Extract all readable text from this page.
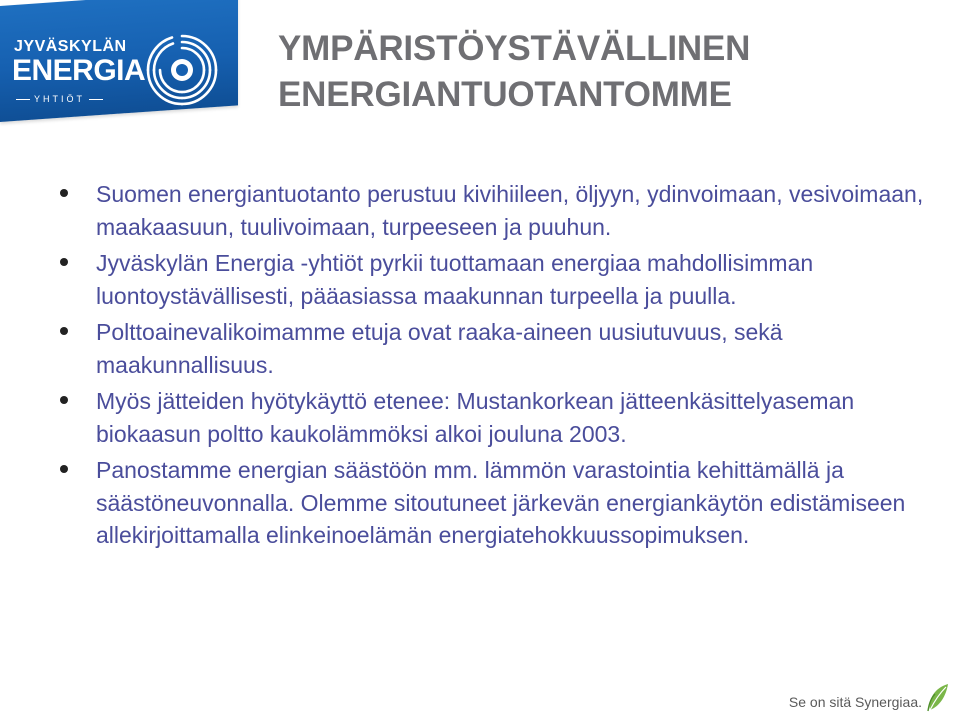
JYVÄSKYLÄN
ENERGIA
YHTIÖT
YMPÄRISTÖYSTÄVÄLLINEN
ENERGIANTUOTANTOMME
Suomen energiantuotanto perustuu kivihiileen, öljyyn, ydinvoimaan, vesivoimaan, maakaasuun, tuulivoimaan, turpeeseen ja puuhun.
Jyväskylän Energia -yhtiöt pyrkii tuottamaan energiaa mahdollisimman luontoystävällisesti, pääasiassa maakunnan turpeella ja puulla.
Polttoainevalikoimamme etuja ovat raaka-aineen uusiutuvuus, sekä maakunnallisuus.
Myös jätteiden hyötykäyttö etenee: Mustankorkean jätteenkäsittelyaseman biokaasun poltto kaukolämmöksi alkoi jouluna 2003.
Panostamme energian säästöön mm. lämmön varastointia kehittämällä ja säästöneuvonnalla. Olemme sitoutuneet järkevän energiankäytön edistämiseen allekirjoittamalla elinkeinoelämän energiatehokkuussopimuksen.
Se on sitä Synergiaa.
